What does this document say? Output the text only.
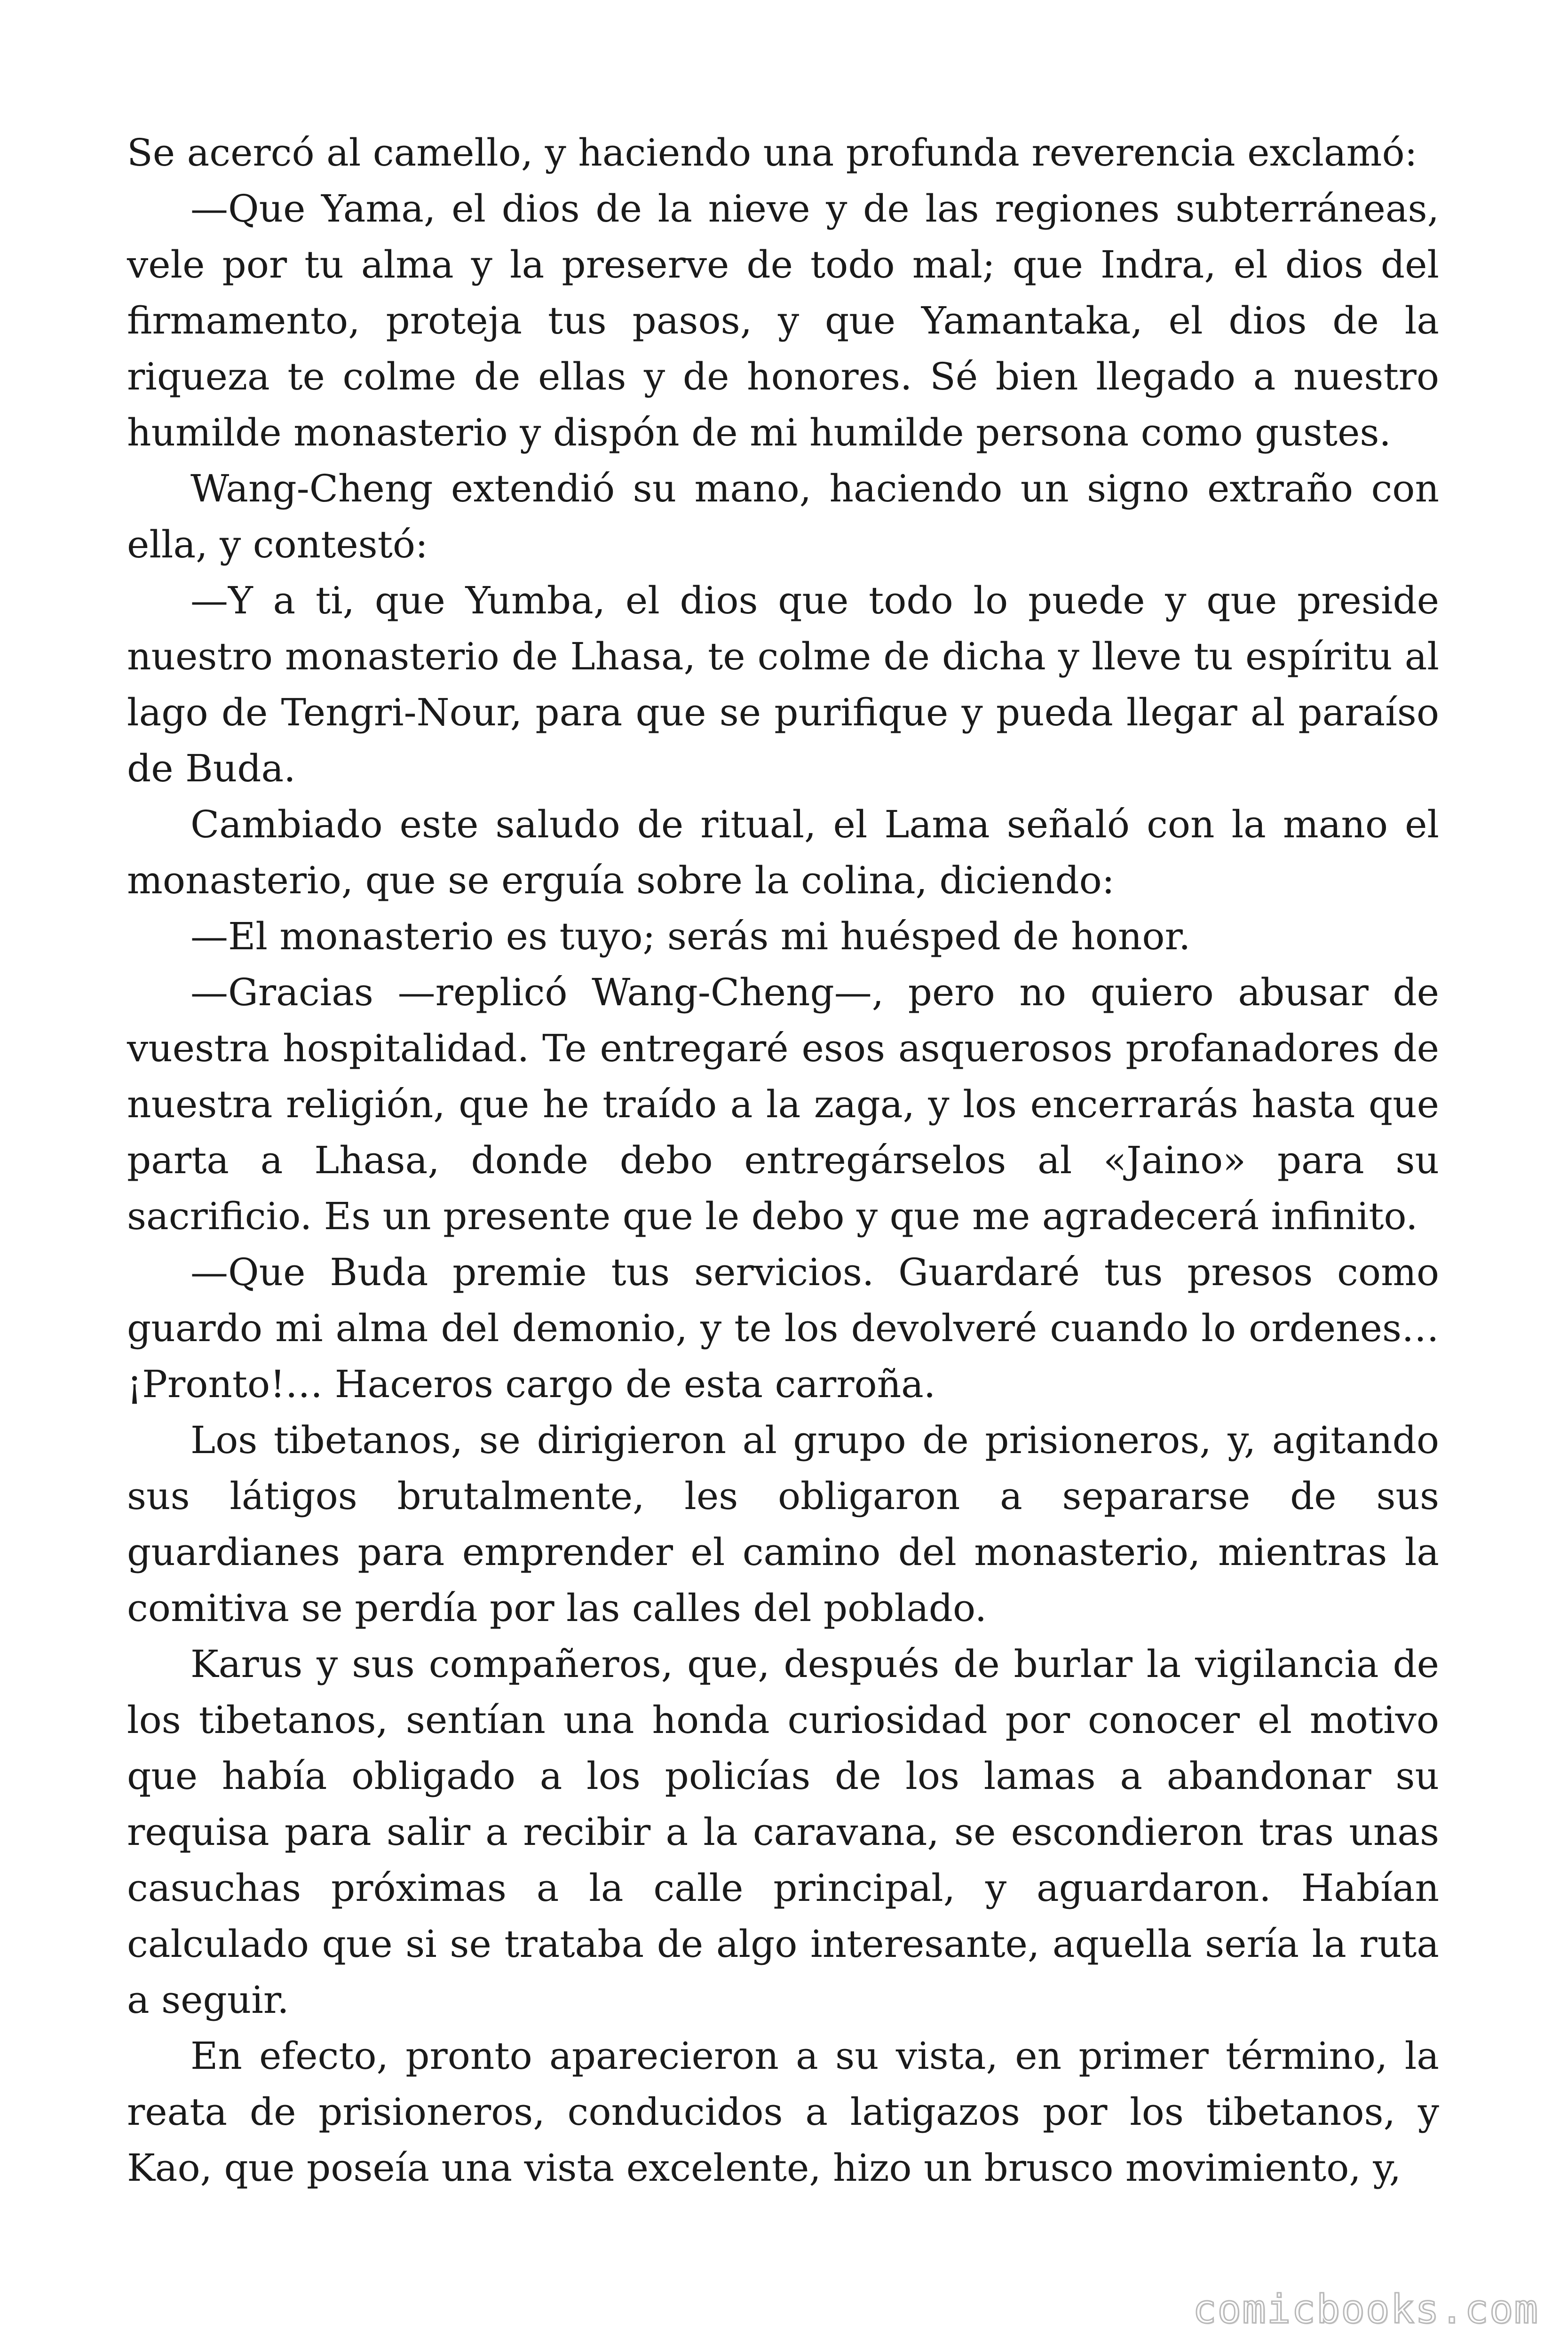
Se acercó al camello, y haciendo una profunda reverencia exclamó:

—Que Yama, el dios de la nieve y de las regiones subterráneas, vele por tu alma y la preserve de todo mal; que Indra, el dios del firmamento, proteja tus pasos, y que Yamantaka, el dios de la riqueza te colme de ellas y de honores. Sé bien llegado a nuestro humilde monasterio y dispón de mi humilde persona como gustes.

Wang-Cheng extendió su mano, haciendo un signo extraño con ella, y contestó:

—Y a ti, que Yumba, el dios que todo lo puede y que preside nuestro monasterio de Lhasa, te colme de dicha y lleve tu espíritu al lago de Tengri-Nour, para que se purifique y pueda llegar al paraíso de Buda.

Cambiado este saludo de ritual, el Lama señaló con la mano el monasterio, que se erguía sobre la colina, diciendo:

—El monasterio es tuyo; serás mi huésped de honor.

—Gracias —replicó Wang-Cheng—, pero no quiero abusar de vuestra hospitalidad. Te entregaré esos asquerosos profanadores de nuestra religión, que he traído a la zaga, y los encerrarás hasta que parta a Lhasa, donde debo entregárselos al «Jaino» para su sacrificio. Es un presente que le debo y que me agradecerá infinito.

—Que Buda premie tus servicios. Guardaré tus presos como guardo mi alma del demonio, y te los devolveré cuando lo ordenes… ¡Pronto!… Haceros cargo de esta carroña.

Los tibetanos, se dirigieron al grupo de prisioneros, y, agitando sus látigos brutalmente, les obligaron a separarse de sus guardianes para emprender el camino del monasterio, mientras la comitiva se perdía por las calles del poblado.

Karus y sus compañeros, que, después de burlar la vigilancia de los tibetanos, sentían una honda curiosidad por conocer el motivo que había obligado a los policías de los lamas a abandonar su requisa para salir a recibir a la caravana, se escondieron tras unas casuchas próximas a la calle principal, y aguardaron. Habían calculado que si se trataba de algo interesante, aquella sería la ruta a seguir.

En efecto, pronto aparecieron a su vista, en primer término, la reata de prisioneros, conducidos a latigazos por los tibetanos, y Kao, que poseía una vista excelente, hizo un brusco movimiento, y,

comicbooks.com
